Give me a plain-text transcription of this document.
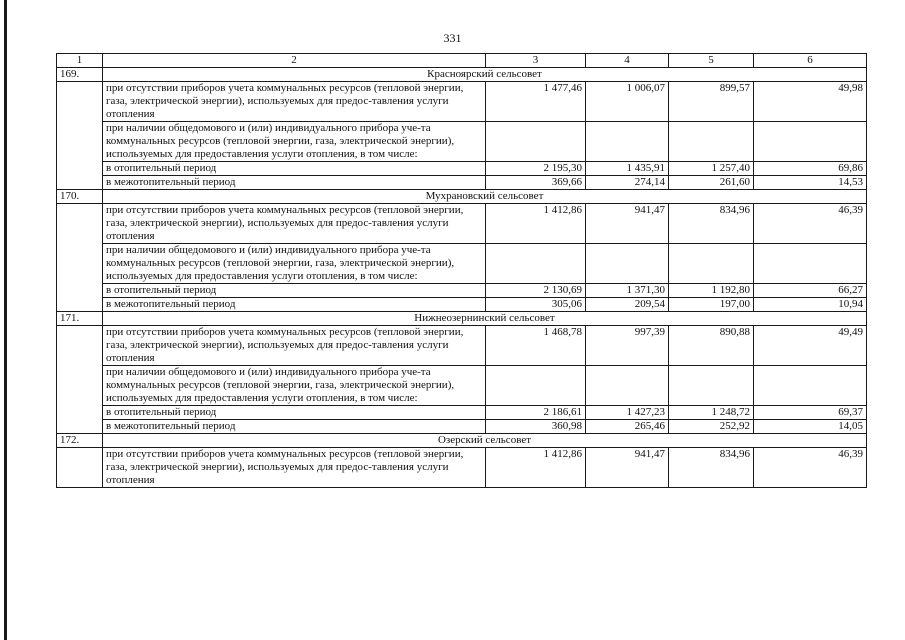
331
1	2	3	4	5	6
169.	Красноярский сельсовет				
	при отсутствии приборов учета коммунальных ресурсов (тепловой энергии, газа, электрической энергии), используемых для предос-тавления услуги отопления	1 477,46	1 006,07	899,57	49,98
	при наличии общедомового и (или) индивидуального прибора уче-та коммунальных ресурсов (тепловой энергии, газа, электрической энергии), используемых для предоставления услуги отопления, в том числе:				
	в отопительный период	2 195,30	1 435,91	1 257,40	69,86
	в межотопительный период	369,66	274,14	261,60	14,53
170.	Мухрановский сельсовет				
	при отсутствии приборов учета коммунальных ресурсов (тепловой энергии, газа, электрической энергии), используемых для предос-тавления услуги отопления	1 412,86	941,47	834,96	46,39
	при наличии общедомового и (или) индивидуального прибора уче-та коммунальных ресурсов (тепловой энергии, газа, электрической энергии), используемых для предоставления услуги отопления, в том числе:				
	в отопительный период	2 130,69	1 371,30	1 192,80	66,27
	в межотопительный период	305,06	209,54	197,00	10,94
171.	Нижнеозернинский сельсовет				
	при отсутствии приборов учета коммунальных ресурсов (тепловой энергии, газа, электрической энергии), используемых для предос-тавления услуги отопления	1 468,78	997,39	890,88	49,49
	при наличии общедомового и (или) индивидуального прибора уче-та коммунальных ресурсов (тепловой энергии, газа, электрической энергии), используемых для предоставления услуги отопления, в том числе:				
	в отопительный период	2 186,61	1 427,23	1 248,72	69,37
	в межотопительный период	360,98	265,46	252,92	14,05
172.	Озерский сельсовет				
	при отсутствии приборов учета коммунальных ресурсов (тепловой энергии, газа, электрической энергии), используемых для предос-тавления услуги отопления	1 412,86	941,47	834,96	46,39
